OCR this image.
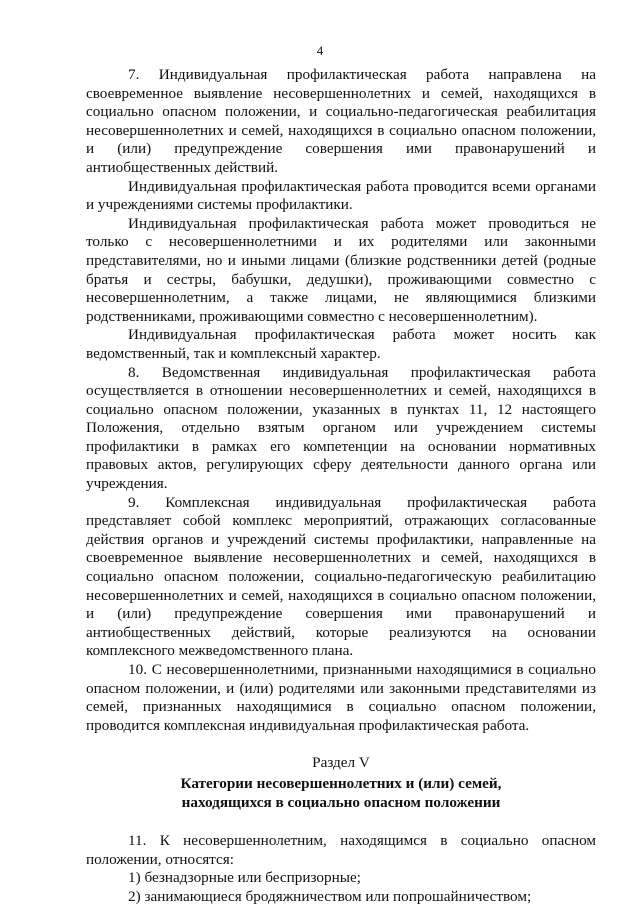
4

7. Индивидуальная профилактическая работа направлена на своевременное выявление несовершеннолетних и семей, находящихся в социально опасном положении, и социально-педагогическая реабилитация несовершеннолетних и семей, находящихся в социально опасном положении, и (или) предупреждение совершения ими правонарушений и антиобщественных действий.

Индивидуальная профилактическая работа проводится всеми органами и учреждениями системы профилактики.

Индивидуальная профилактическая работа может проводиться не только с несовершеннолетними и их родителями или законными представителями, но и иными лицами (близкие родственники детей (родные братья и сестры, бабушки, дедушки), проживающими совместно с несовершеннолетним, а также лицами, не являющимися близкими родственниками, проживающими совместно с несовершеннолетним).

Индивидуальная профилактическая работа может носить как ведомственный, так и комплексный характер.

8. Ведомственная индивидуальная профилактическая работа осуществляется в отношении несовершеннолетних и семей, находящихся в социально опасном положении, указанных в пунктах 11, 12 настоящего Положения, отдельно взятым органом или учреждением системы профилактики в рамках его компетенции на основании нормативных правовых актов, регулирующих сферу деятельности данного органа или учреждения.

9. Комплексная индивидуальная профилактическая работа представляет собой комплекс мероприятий, отражающих согласованные действия органов и учреждений системы профилактики, направленные на своевременное выявление несовершеннолетних и семей, находящихся в социально опасном положении, социально-педагогическую реабилитацию несовершеннолетних и семей, находящихся в социально опасном положении, и (или) предупреждение совершения ими правонарушений и антиобщественных действий, которые реализуются на основании комплексного межведомственного плана.

10. С несовершеннолетними, признанными находящимися в социально опасном положении, и (или) родителями или законными представителями из семей, признанных находящимися в социально опасном положении, проводится комплексная индивидуальная профилактическая работа.

Раздел V

Категории несовершеннолетних и (или) семей,
находящихся в социально опасном положении

11. К несовершеннолетним, находящимся в социально опасном положении, относятся:

1) безнадзорные или беспризорные;

2) занимающиеся бродяжничеством или попрошайничеством;
